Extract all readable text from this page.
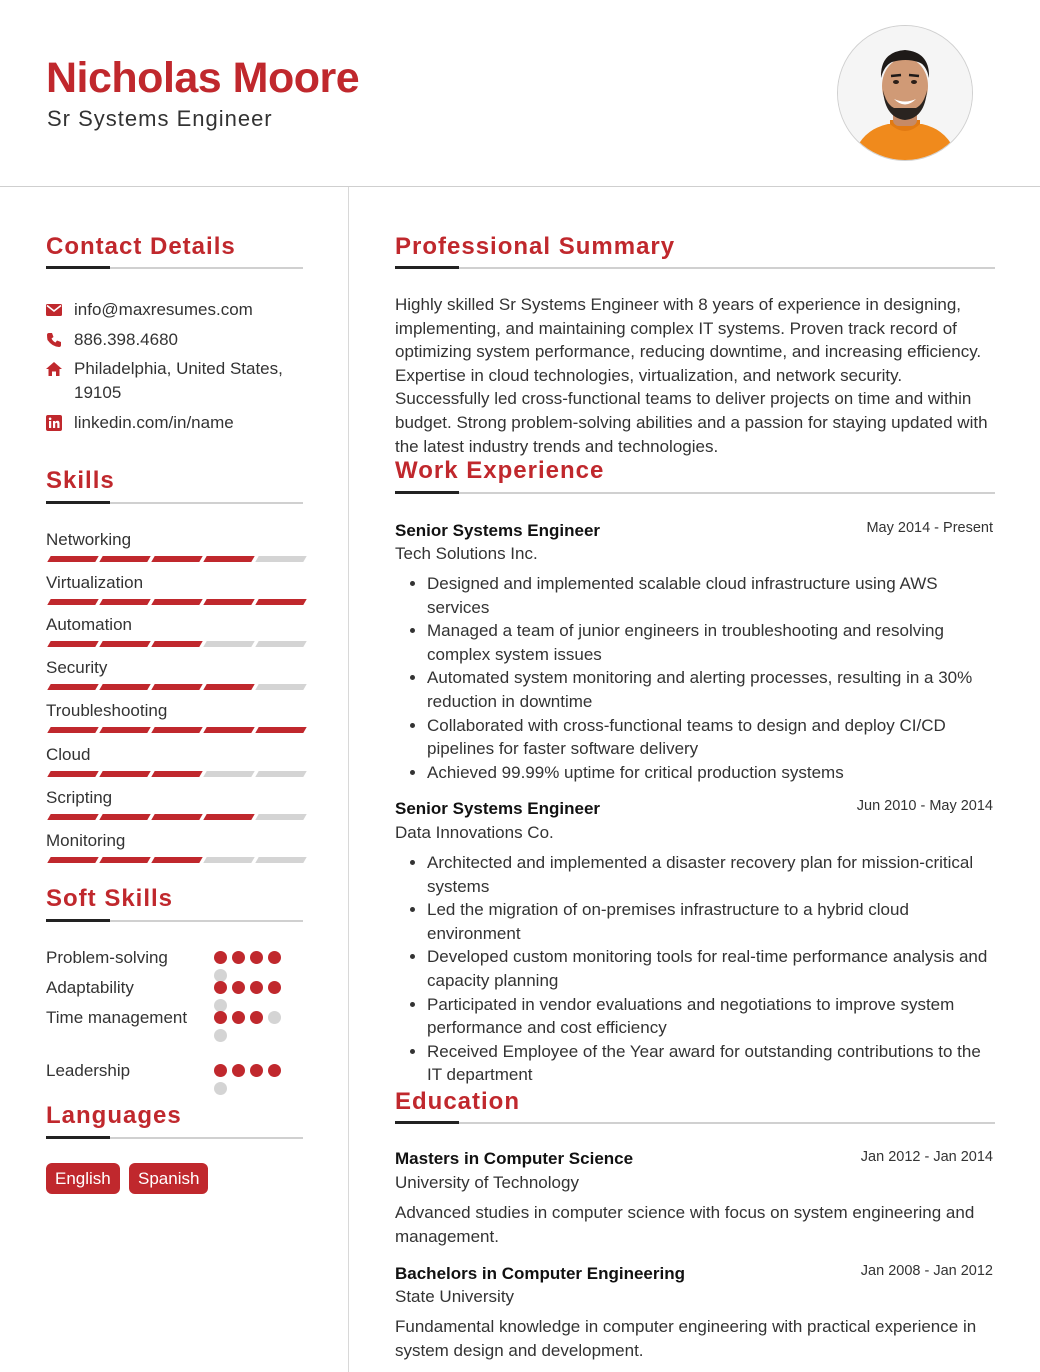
Nicholas Moore
Sr Systems Engineer
Contact Details
info@maxresumes.com
886.398.4680
Philadelphia, United States, 19105
linkedin.com/in/name
Skills
Networking
Virtualization
Automation
Security
Troubleshooting
Cloud
Scripting
Monitoring
Soft Skills
Problem-solving
Adaptability
Time management
Leadership
Languages
English	Spanish
Professional Summary
Highly skilled Sr Systems Engineer with 8 years of experience in designing, implementing, and maintaining complex IT systems. Proven track record of optimizing system performance, reducing downtime, and increasing efficiency. Expertise in cloud technologies, virtualization, and network security. Successfully led cross-functional teams to deliver projects on time and within budget. Strong problem-solving abilities and a passion for staying updated with the latest industry trends and technologies.
Work Experience
Senior Systems Engineer	May 2014 - Present
Tech Solutions Inc.
• Designed and implemented scalable cloud infrastructure using AWS services
• Managed a team of junior engineers in troubleshooting and resolving complex system issues
• Automated system monitoring and alerting processes, resulting in a 30% reduction in downtime
• Collaborated with cross-functional teams to design and deploy CI/CD pipelines for faster software delivery
• Achieved 99.99% uptime for critical production systems
Senior Systems Engineer	Jun 2010 - May 2014
Data Innovations Co.
• Architected and implemented a disaster recovery plan for mission-critical systems
• Led the migration of on-premises infrastructure to a hybrid cloud environment
• Developed custom monitoring tools for real-time performance analysis and capacity planning
• Participated in vendor evaluations and negotiations to improve system performance and cost efficiency
• Received Employee of the Year award for outstanding contributions to the IT department
Education
Masters in Computer Science	Jan 2012 - Jan 2014
University of Technology
Advanced studies in computer science with focus on system engineering and management.
Bachelors in Computer Engineering	Jan 2008 - Jan 2012
State University
Fundamental knowledge in computer engineering with practical experience in system design and development.
